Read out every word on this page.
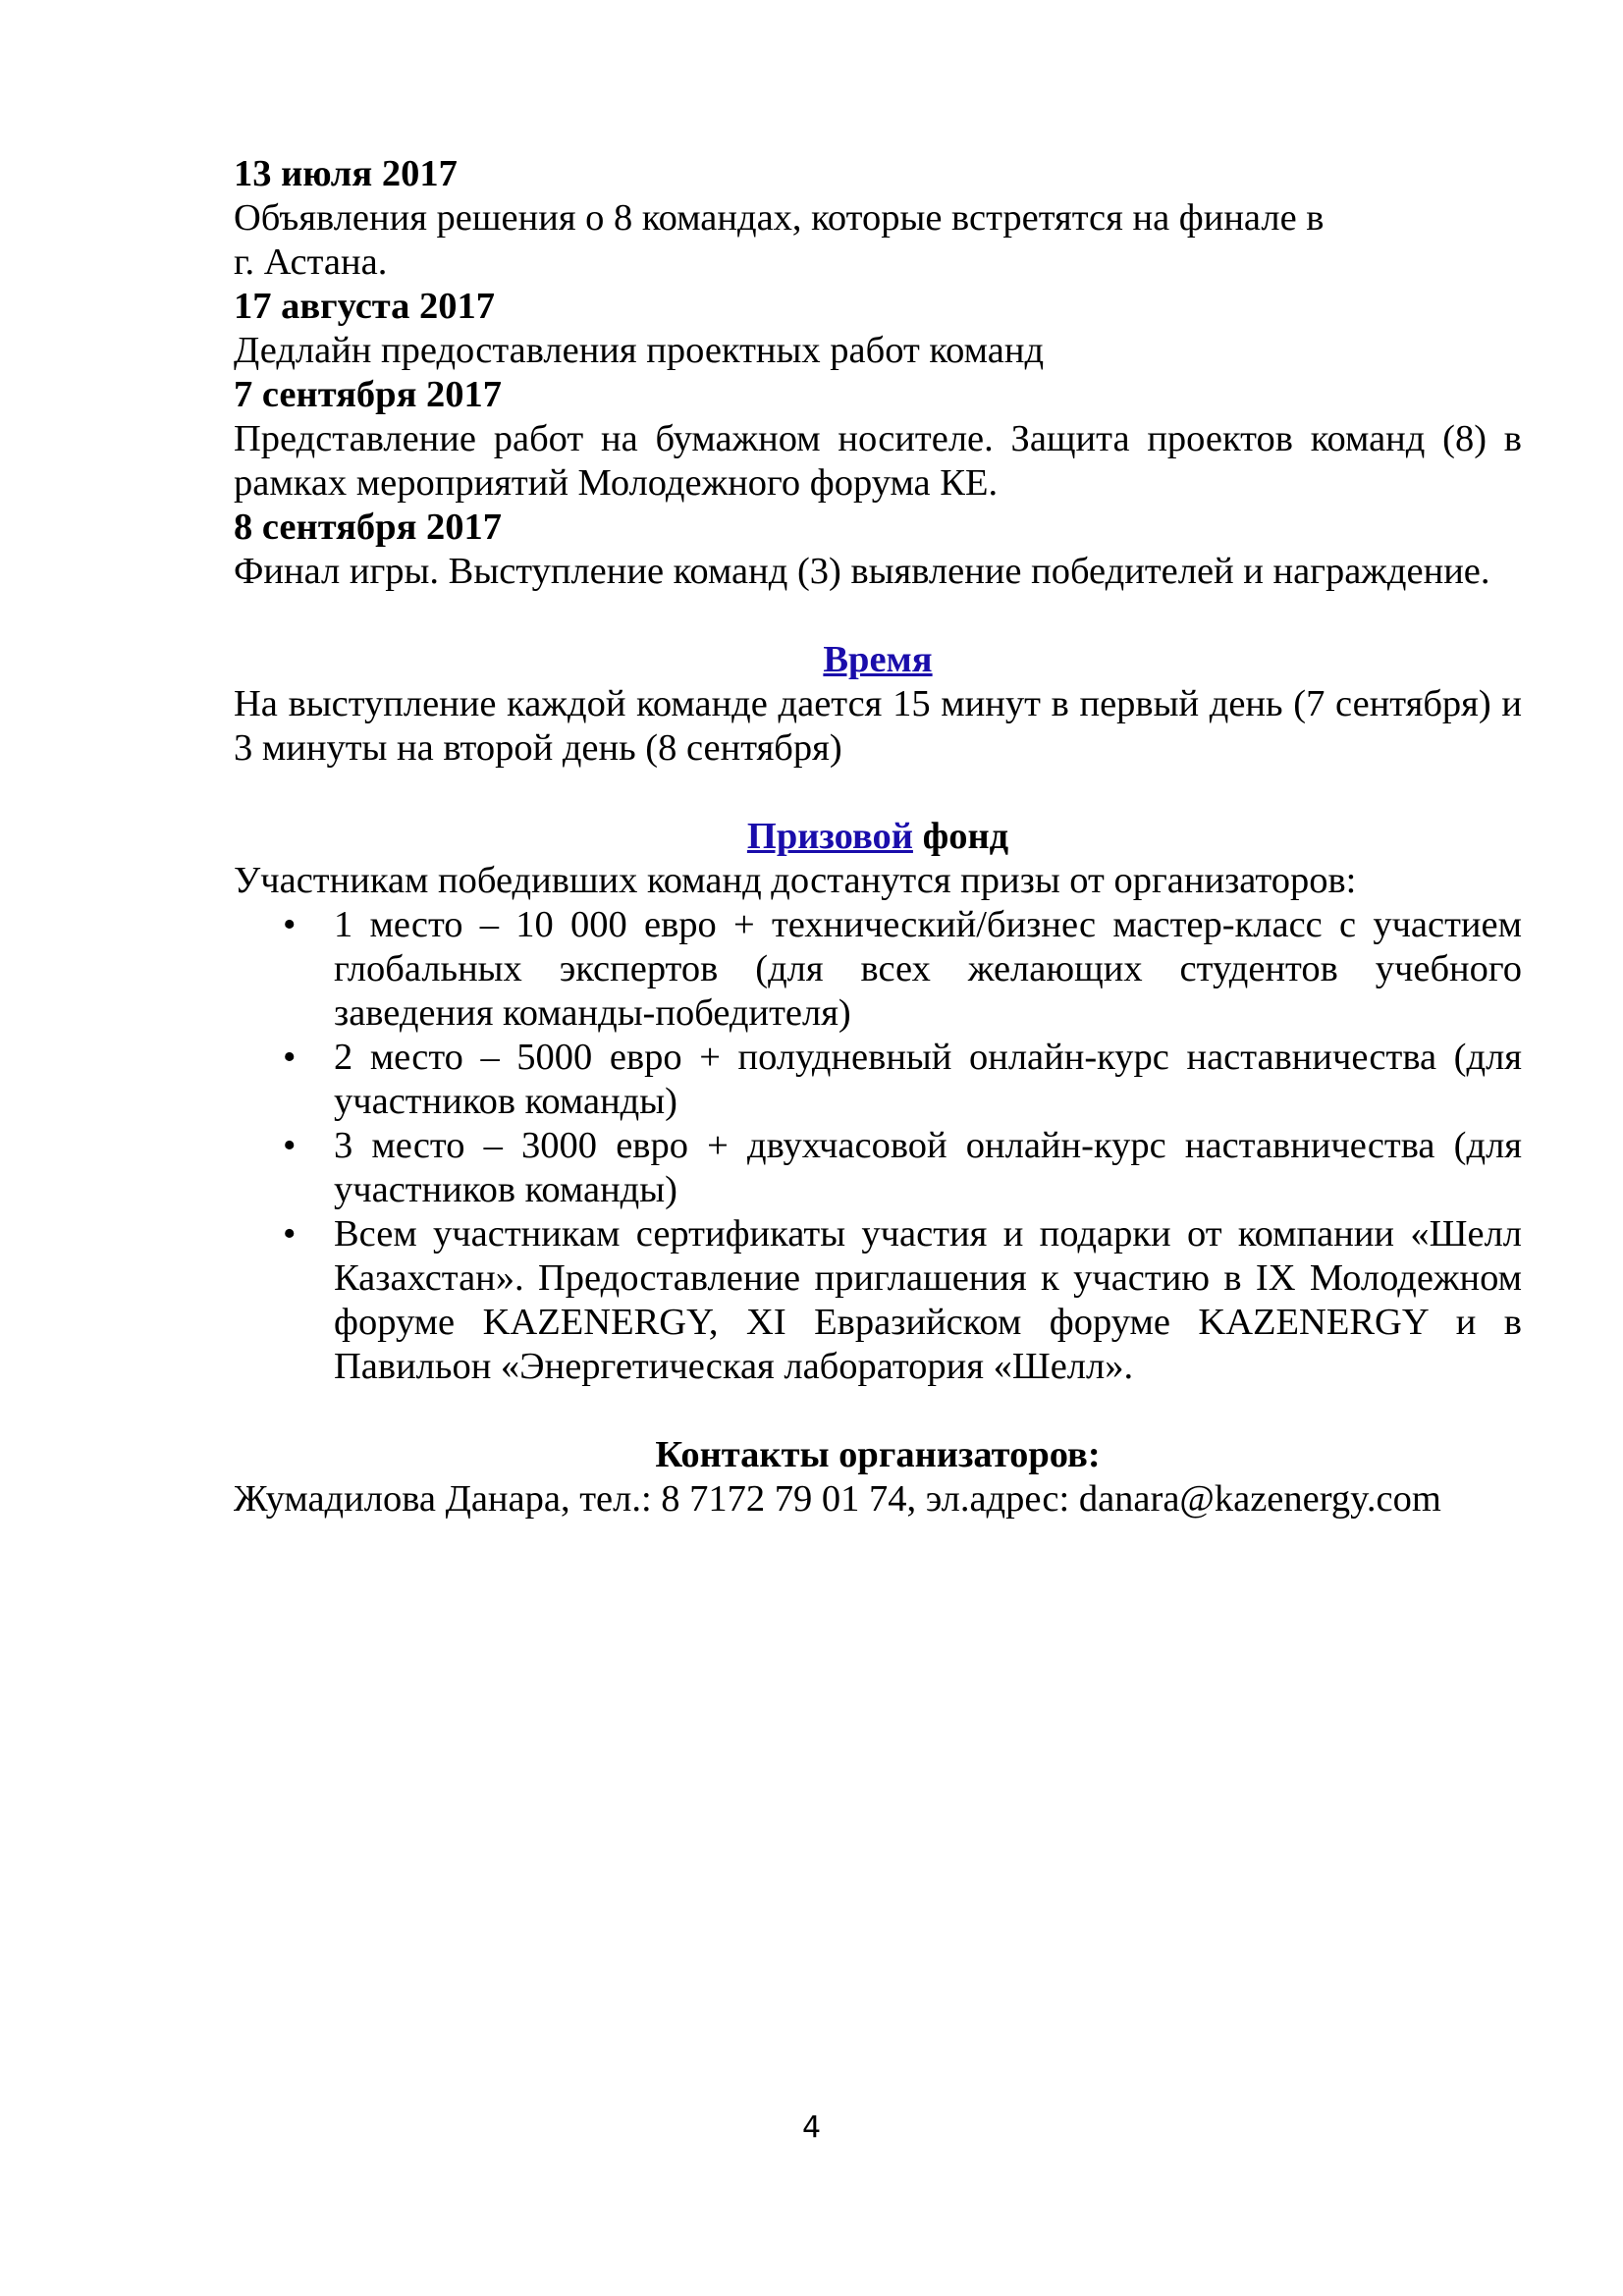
13 июля 2017

Объявления решения о 8 командах, которые встретятся на финале в
г. Астана.

17 августа 2017

Дедлайн предоставления проектных работ команд

7 сентября 2017

Представление работ на бумажном носителе. Защита проектов команд (8) в рамках мероприятий Молодежного форума КЕ.

8 сентября 2017

Финал игры. Выступление команд (3) выявление победителей и награждение.

Время

На выступление каждой команде дается 15 минут в первый день (7 сентября) и 3 минуты на второй день (8 сентября)

Призовой фонд

Участникам победивших команд достанутся призы от организаторов:

• 1 место – 10 000 евро + технический/бизнес мастер-класс с участием глобальных экспертов (для всех желающих студентов учебного заведения команды-победителя)
• 2 место – 5000 евро + полудневный онлайн-курс наставничества (для участников команды)
• 3 место – 3000 евро + двухчасовой онлайн-курс наставничества (для участников команды)
• Всем участникам сертификаты участия и подарки от компании «Шелл Казахстан». Предоставление приглашения к участию в IX Молодежном форуме KAZENERGY, XI Евразийском форуме KAZENERGY и в Павильон «Энергетическая лаборатория «Шелл».

Контакты организаторов:

Жумадилова Данара, тел.: 8 7172 79 01 74, эл.адрес: danara@kazenergy.com

4
